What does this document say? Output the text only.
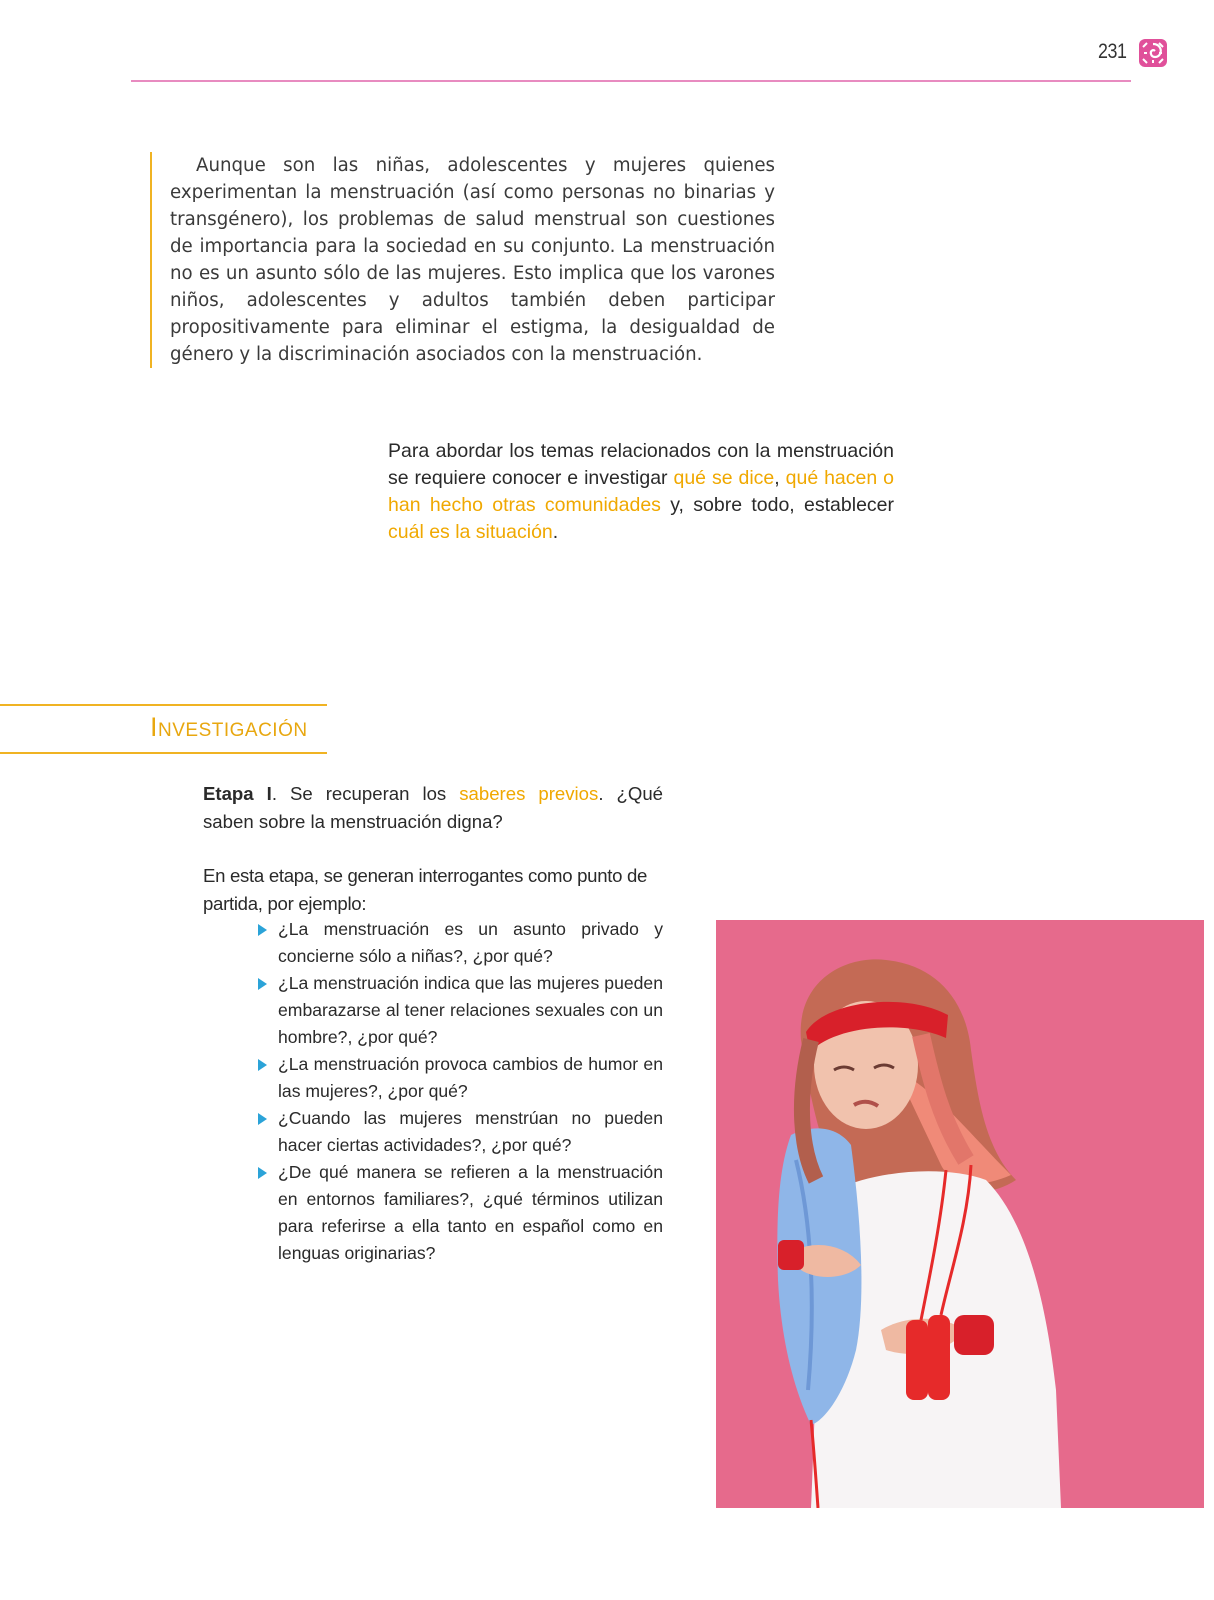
231

Aunque son las niñas, adolescentes y mujeres quienes experimentan la menstruación (así como personas no binarias y transgénero), los problemas de salud menstrual son cuestiones de importancia para la sociedad en su conjunto. La menstruación no es un asunto sólo de las mujeres. Esto implica que los varones niños, adolescentes y adultos también deben participar propositivamente para eliminar el estigma, la desigualdad de género y la discriminación asociados con la menstruación.

Para abordar los temas relacionados con la menstruación se requiere conocer e investigar qué se dice, qué hacen o han hecho otras comunidades y, sobre todo, establecer cuál es la situación.

Investigación

Etapa I. Se recuperan los saberes previos. ¿Qué saben sobre la menstruación digna?

En esta etapa, se generan interrogantes como punto de partida, por ejemplo:

¿La menstruación es un asunto privado y concierne sólo a niñas?, ¿por qué?
¿La menstruación indica que las mujeres pueden embarazarse al tener relaciones sexuales con un hombre?, ¿por qué?
¿La menstruación provoca cambios de humor en las mujeres?, ¿por qué?
¿Cuando las mujeres menstrúan no pueden hacer ciertas actividades?, ¿por qué?
¿De qué manera se refieren a la menstruación en entornos familiares?, ¿qué términos utilizan para referirse a ella tanto en español como en lenguas originarias?
